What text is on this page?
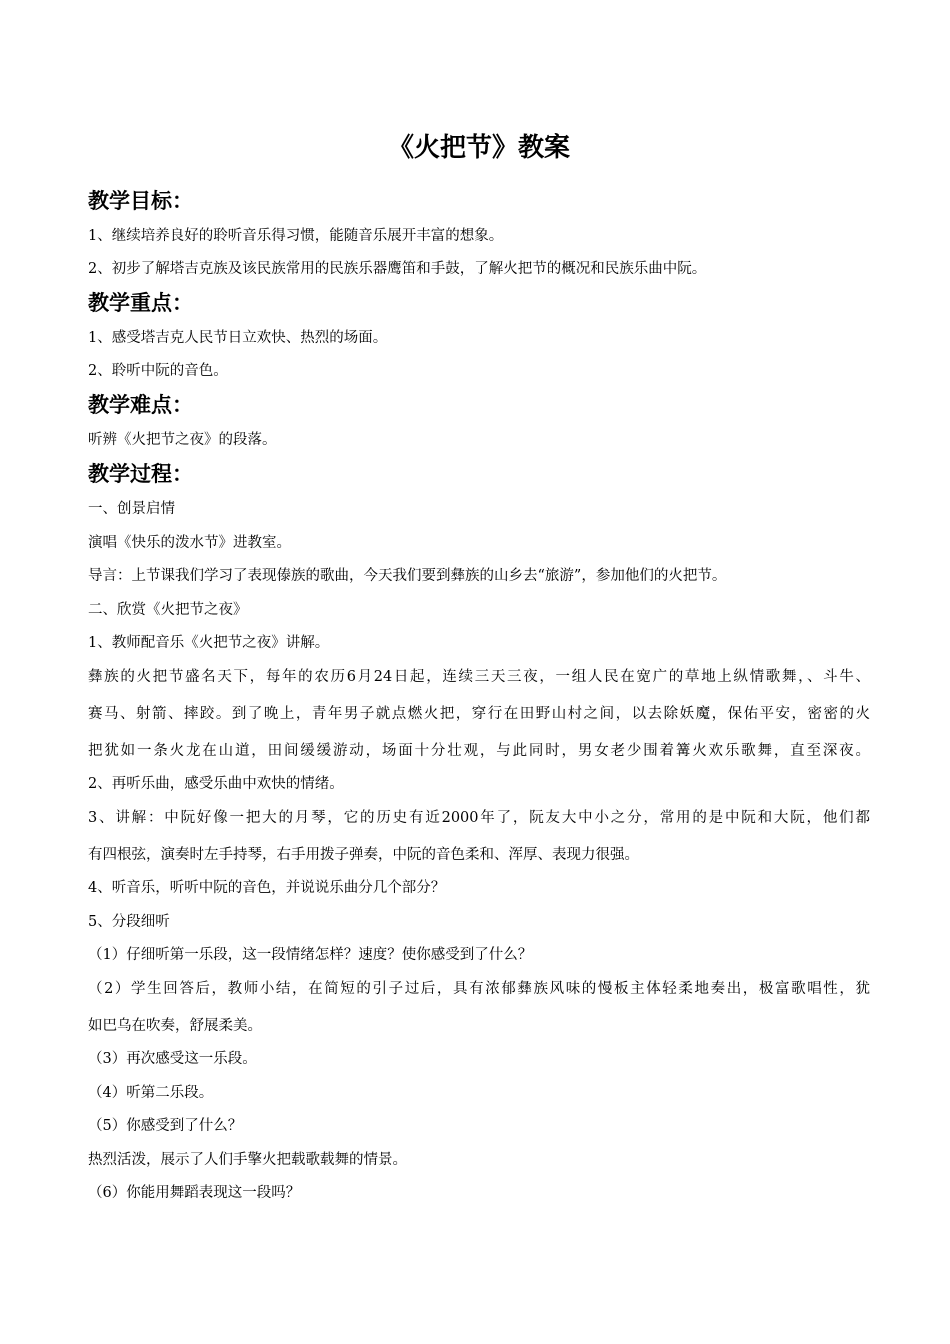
《火把节》教案
教学目标：
1、继续培养良好的聆听音乐得习惯，能随音乐展开丰富的想象。
2、初步了解塔吉克族及该民族常用的民族乐器鹰笛和手鼓，了解火把节的概况和民族乐曲中阮。
教学重点：
1、感受塔吉克人民节日立欢快、热烈的场面。
2、聆听中阮的音色。
教学难点：
听辨《火把节之夜》的段落。
教学过程：
一、创景启情
演唱《快乐的泼水节》进教室。
导言：上节课我们学习了表现傣族的歌曲，今天我们要到彝族的山乡去“旅游”，参加他们的火把节。
二、欣赏《火把节之夜》
1、教师配音乐《火把节之夜》讲解。
彝族的火把节盛名天下，每年的农历6月24日起，连续三天三夜，一组人民在宽广的草地上纵情歌舞，、斗牛、
赛马、射箭、摔跤。到了晚上，青年男子就点燃火把，穿行在田野山村之间，以去除妖魔，保佑平安，密密的火
把犹如一条火龙在山道，田间缓缓游动，场面十分壮观，与此同时，男女老少围着篝火欢乐歌舞，直至深夜。
2、再听乐曲，感受乐曲中欢快的情绪。
3、讲解：中阮好像一把大的月琴，它的历史有近2000年了，阮友大中小之分，常用的是中阮和大阮，他们都
有四根弦，演奏时左手持琴，右手用拨子弹奏，中阮的音色柔和、浑厚、表现力很强。
4、听音乐，听听中阮的音色，并说说乐曲分几个部分？
5、分段细听
（1）仔细听第一乐段，这一段情绪怎样？速度？使你感受到了什么？
（2）学生回答后，教师小结，在简短的引子过后，具有浓郁彝族风味的慢板主体轻柔地奏出，极富歌唱性，犹
如巴乌在吹奏，舒展柔美。
（3）再次感受这一乐段。
（4）听第二乐段。
（5）你感受到了什么？
热烈活泼，展示了人们手擎火把载歌载舞的情景。
（6）你能用舞蹈表现这一段吗？
